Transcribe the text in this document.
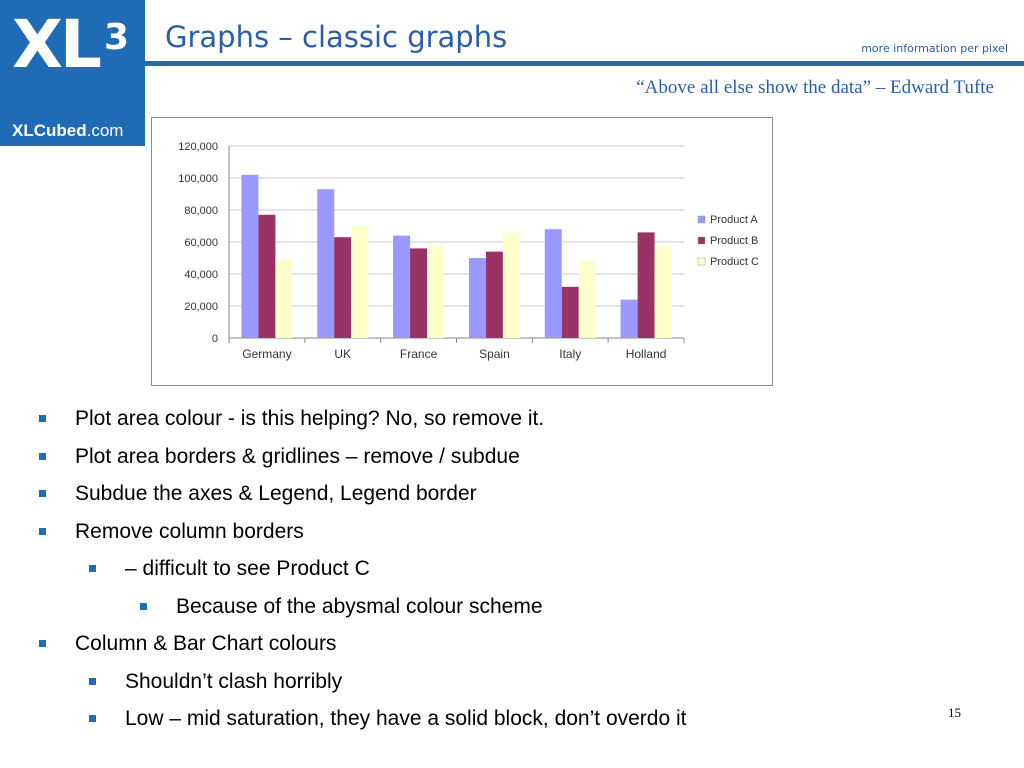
XL 3
XLCubed.com
Graphs – classic graphs	more information per pixel
“Above all else show the data” – Edward Tufte
0
20,000
40,000
60,000
80,000
100,000
120,000
Germany	UK	France	Spain	Italy	Holland
Product A
Product B
Product C
Plot area colour - is this helping? No, so remove it.
Plot area borders & gridlines – remove / subdue
Subdue the axes & Legend, Legend border
Remove column borders
– difficult to see Product C
Because of the abysmal colour scheme
Column & Bar Chart colours
Shouldn’t clash horribly
Low – mid saturation, they have a solid block, don’t overdo it	15
